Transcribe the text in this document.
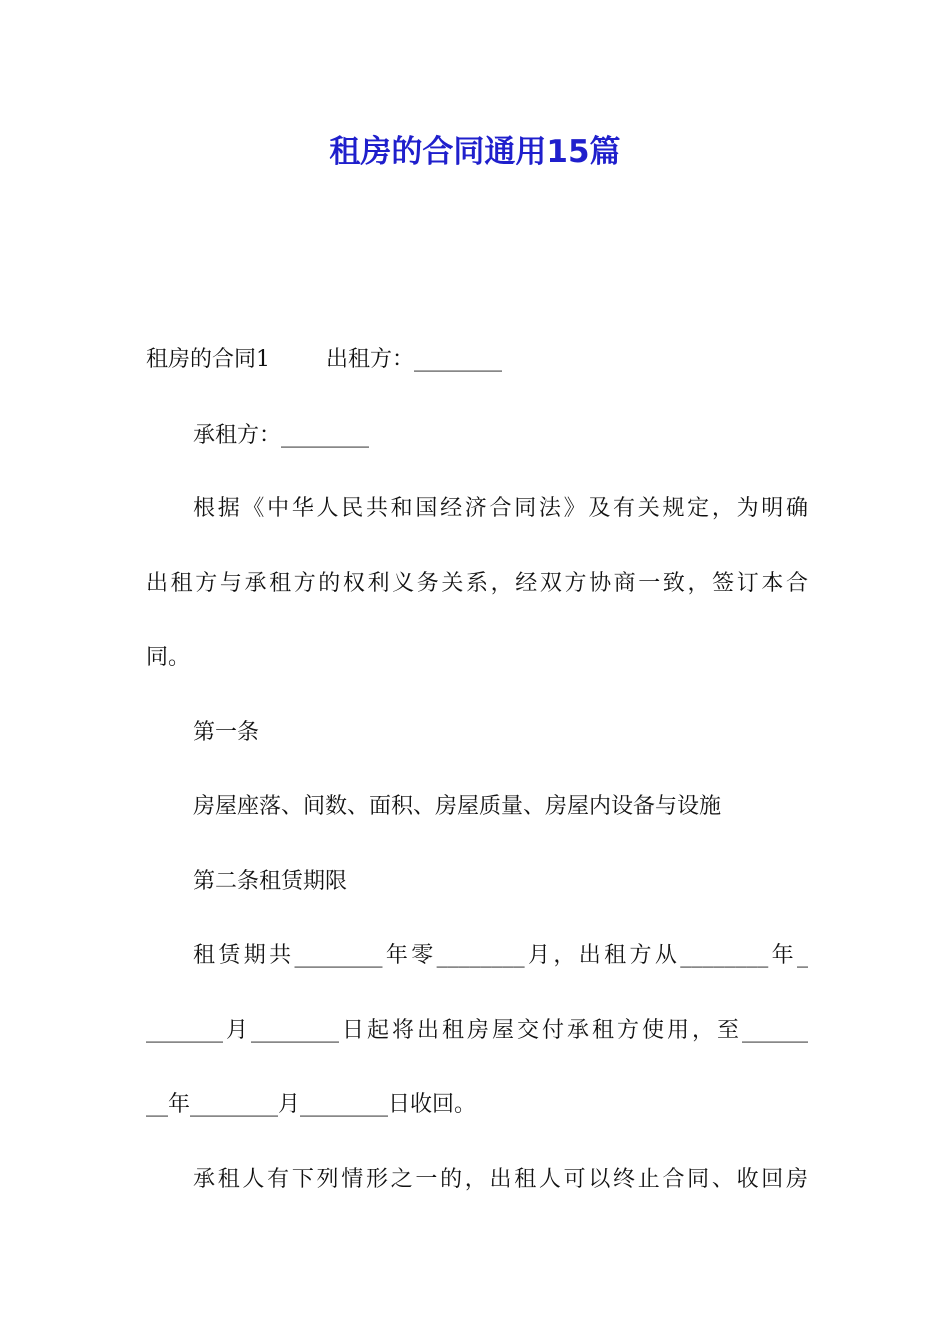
租房的合同通用15篇
租房的合同1	出租方：________
承租方：________
根据《中华人民共和国经济合同法》及有关规定，为明确
出租方与承租方的权利义务关系，经双方协商一致，签订本合
同。
第一条
房屋座落、间数、面积、房屋质量、房屋内设备与设施
第二条租赁期限
租赁期共________年零________月，出租方从________年_
_______月________日起将出租房屋交付承租方使用，至______
__年________月________日收回。
承租人有下列情形之一的，出租人可以终止合同、收回房
